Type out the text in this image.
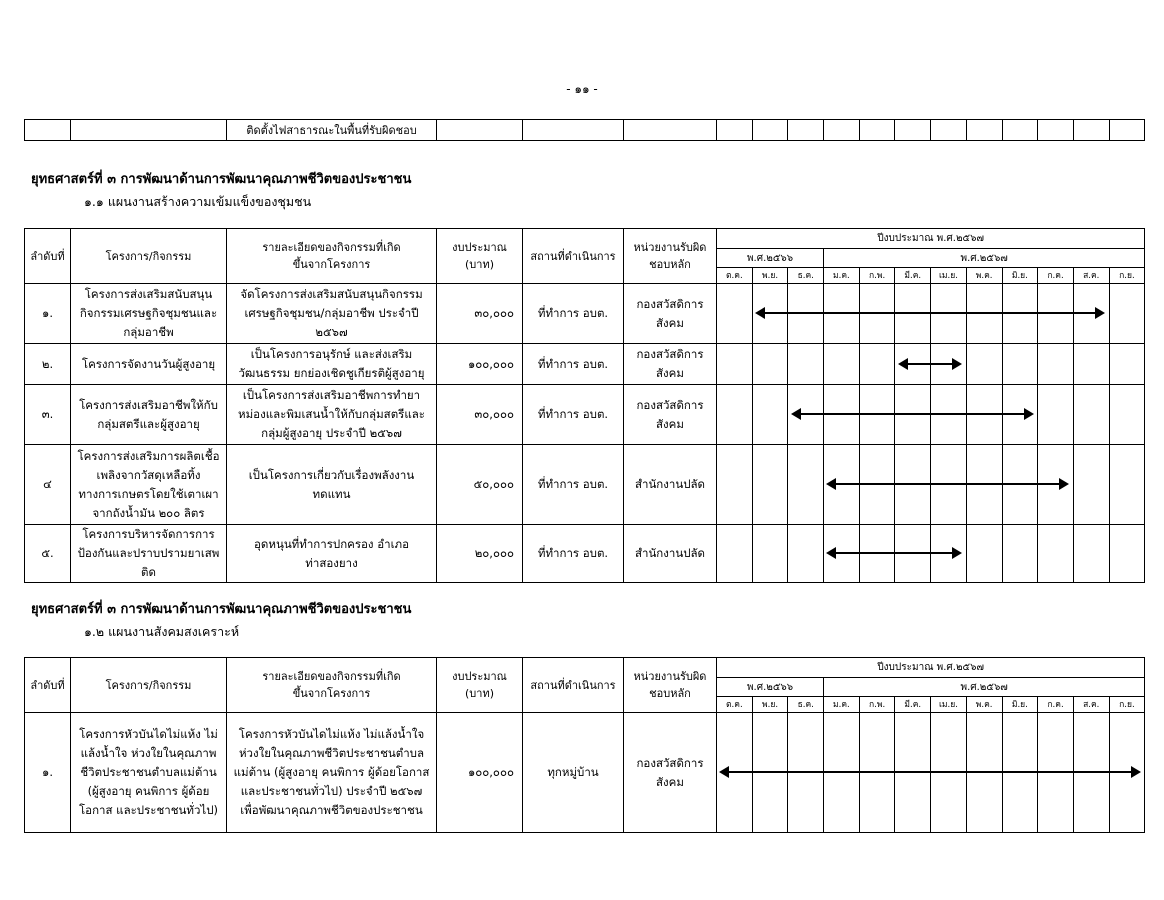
- ๑๑ -
		ติดตั้งไฟสาธารณะในพื้นที่รับผิดชอบ															
ยุทธศาสตร์ที่ ๓ การพัฒนาด้านการพัฒนาคุณภาพชีวิตของประชาชน
๑.๑ แผนงานสร้างความเข้มแข็งของชุมชน
ลำดับที่	โครงการ/กิจกรรม	รายละเอียดของกิจกรรมที่เกิดขึ้นจากโครงการ	งบประมาณ (บาท)	สถานที่ดำเนินการ	หน่วยงานรับผิดชอบหลัก	ปีงบประมาณ พ.ศ.๒๕๖๗											
						พ.ศ.๒๕๖๖			พ.ศ.๒๕๖๗								
						ต.ค.	พ.ย.	ธ.ค.	ม.ค.	ก.พ.	มี.ค.	เม.ย.	พ.ค.	มิ.ย.	ก.ค.	ส.ค.	ก.ย.
๑.	โครงการส่งเสริมสนับสนุนกิจกรรมเศรษฐกิจชุมชนและกลุ่มอาชีพ	จัดโครงการส่งเสริมสนับสนุนกิจกรรมเศรษฐกิจชุมชน/กลุ่มอาชีพ ประจำปี ๒๕๖๗	๓๐,๐๐๐	ที่ทำการ อบต.	กองสวัสดิการสังคม												
๒.	โครงการจัดงานวันผู้สูงอายุ	เป็นโครงการอนุรักษ์ และส่งเสริมวัฒนธรรม ยกย่องเชิดชูเกียรติผู้สูงอายุ	๑๐๐,๐๐๐	ที่ทำการ อบต.	กองสวัสดิการสังคม												
๓.	โครงการส่งเสริมอาชีพให้กับกลุ่มสตรีและผู้สูงอายุ	เป็นโครงการส่งเสริมอาชีพการทำยาหม่องและพิมเสนน้ำให้กับกลุ่มสตรีและกลุ่มผู้สูงอายุ ประจำปี ๒๕๖๗	๓๐,๐๐๐	ที่ทำการ อบต.	กองสวัสดิการสังคม												
๔	โครงการส่งเสริมการผลิตเชื้อเพลิงจากวัสดุเหลือทิ้งทางการเกษตรโดยใช้เตาเผาจากถังน้ำมัน ๒๐๐ ลิตร	เป็นโครงการเกี่ยวกับเรื่องพลังงานทดแทน	๕๐,๐๐๐	ที่ทำการ อบต.	สำนักงานปลัด												
๕.	โครงการบริหารจัดการการป้องกันและปราบปรามยาเสพติด	อุดหนุนที่ทำการปกครอง อำเภอท่าสองยาง	๒๐,๐๐๐	ที่ทำการ อบต.	สำนักงานปลัด												
ยุทธศาสตร์ที่ ๓ การพัฒนาด้านการพัฒนาคุณภาพชีวิตของประชาชน
๑.๒ แผนงานสังคมสงเคราะห์
ลำดับที่	โครงการ/กิจกรรม	รายละเอียดของกิจกรรมที่เกิดขึ้นจากโครงการ	งบประมาณ (บาท)	สถานที่ดำเนินการ	หน่วยงานรับผิดชอบหลัก	ปีงบประมาณ พ.ศ.๒๕๖๗											
						พ.ศ.๒๕๖๖			พ.ศ.๒๕๖๗								
						ต.ค.	พ.ย.	ธ.ค.	ม.ค.	ก.พ.	มี.ค.	เม.ย.	พ.ค.	มิ.ย.	ก.ค.	ส.ค.	ก.ย.
๑.	โครงการหัวบันไดไม่แห้ง ไม่แล้งน้ำใจ ห่วงใยในคุณภาพชีวิตประชาชนตำบลแม่ต้าน (ผู้สูงอายุ คนพิการ ผู้ด้อยโอกาส และประชาชนทั่วไป)	โครงการหัวบันไดไม่แห้ง ไม่แล้งน้ำใจ ห่วงใยในคุณภาพชีวิตประชาชนตำบลแม่ต้าน (ผู้สูงอายุ คนพิการ ผู้ด้อยโอกาส และประชาชนทั่วไป) ประจำปี ๒๕๖๗ เพื่อพัฒนาคุณภาพชีวิตของประชาชน	๑๐๐,๐๐๐	ทุกหมู่บ้าน	กองสวัสดิการสังคม												
